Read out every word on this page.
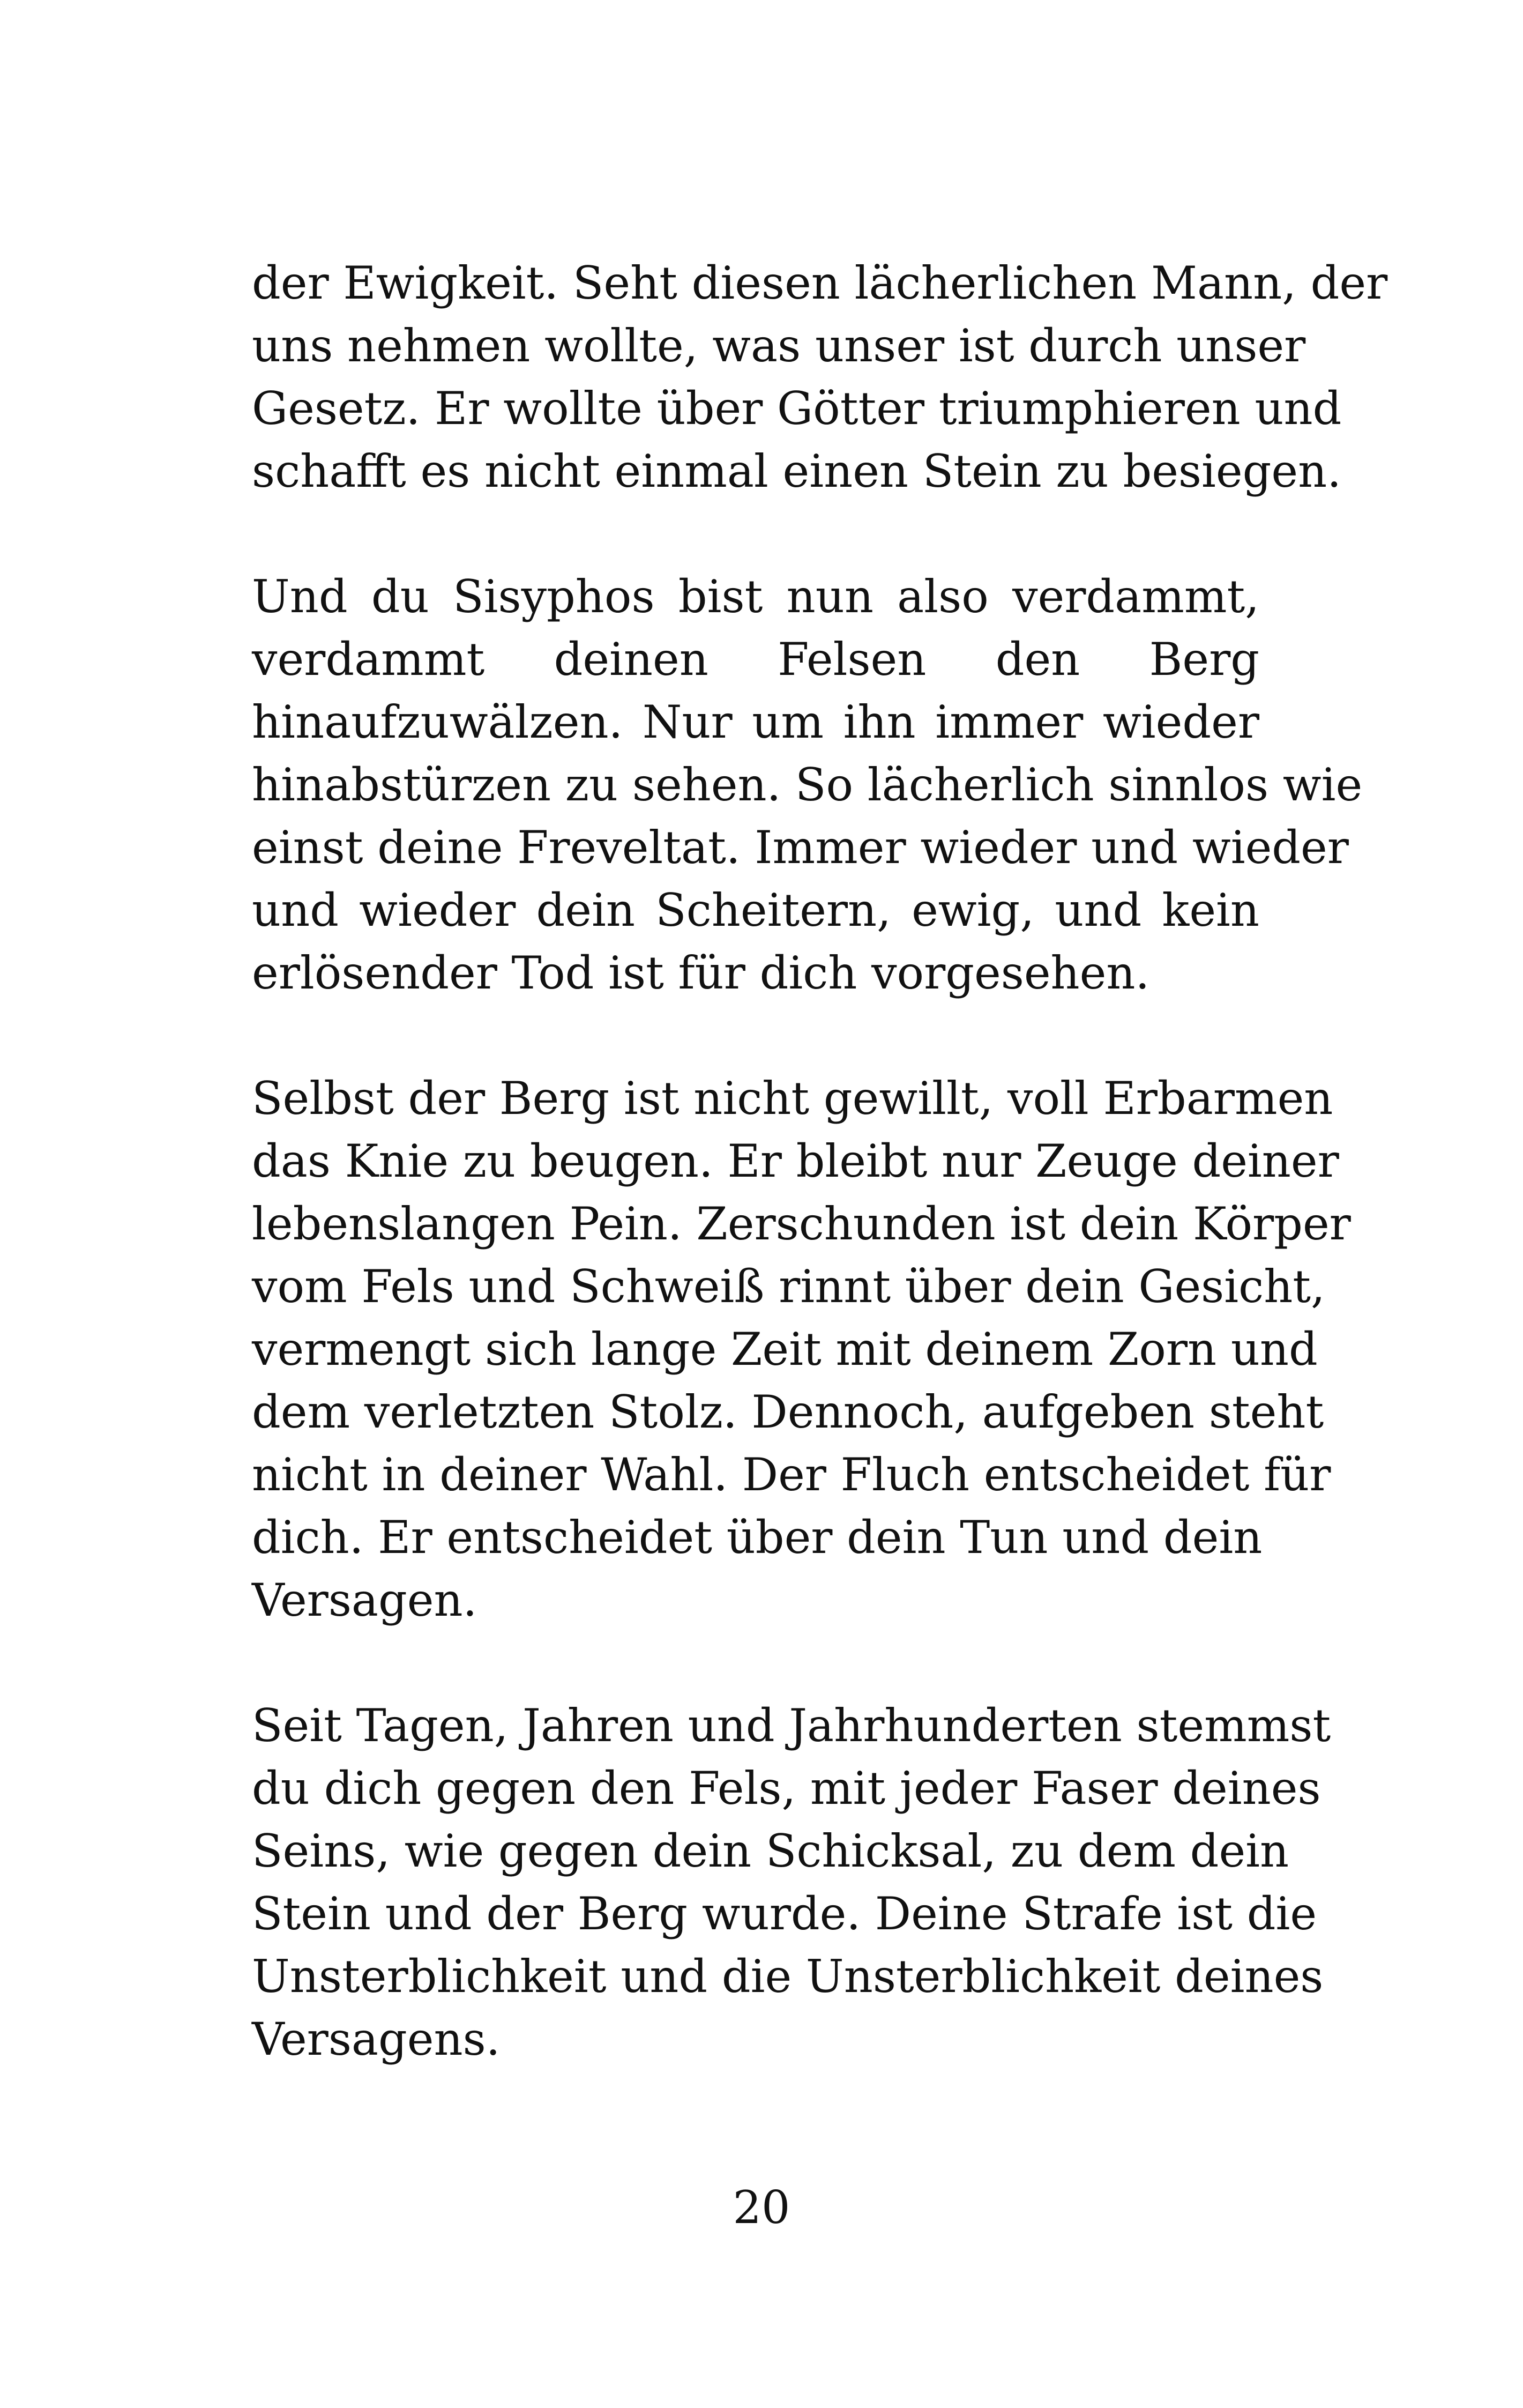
der Ewigkeit. Seht diesen lächerlichen Mann, der
uns nehmen wollte, was unser ist durch unser
Gesetz. Er wollte über Götter triumphieren und
schafft es nicht einmal einen Stein zu besiegen.

Und du Sisyphos bist nun also verdammt,
verdammt deinen Felsen den Berg
hinaufzuwälzen. Nur um ihn immer wieder
hinabstürzen zu sehen. So lächerlich sinnlos wie
einst deine Freveltat. Immer wieder und wieder
und wieder dein Scheitern, ewig, und kein
erlösender Tod ist für dich vorgesehen.

Selbst der Berg ist nicht gewillt, voll Erbarmen
das Knie zu beugen. Er bleibt nur Zeuge deiner
lebenslangen Pein. Zerschunden ist dein Körper
vom Fels und Schweiß rinnt über dein Gesicht,
vermengt sich lange Zeit mit deinem Zorn und
dem verletzten Stolz. Dennoch, aufgeben steht
nicht in deiner Wahl. Der Fluch entscheidet für
dich. Er entscheidet über dein Tun und dein
Versagen.

Seit Tagen, Jahren und Jahrhunderten stemmst
du dich gegen den Fels, mit jeder Faser deines
Seins, wie gegen dein Schicksal, zu dem dein
Stein und der Berg wurde. Deine Strafe ist die
Unsterblichkeit und die Unsterblichkeit deines
Versagens.

20
